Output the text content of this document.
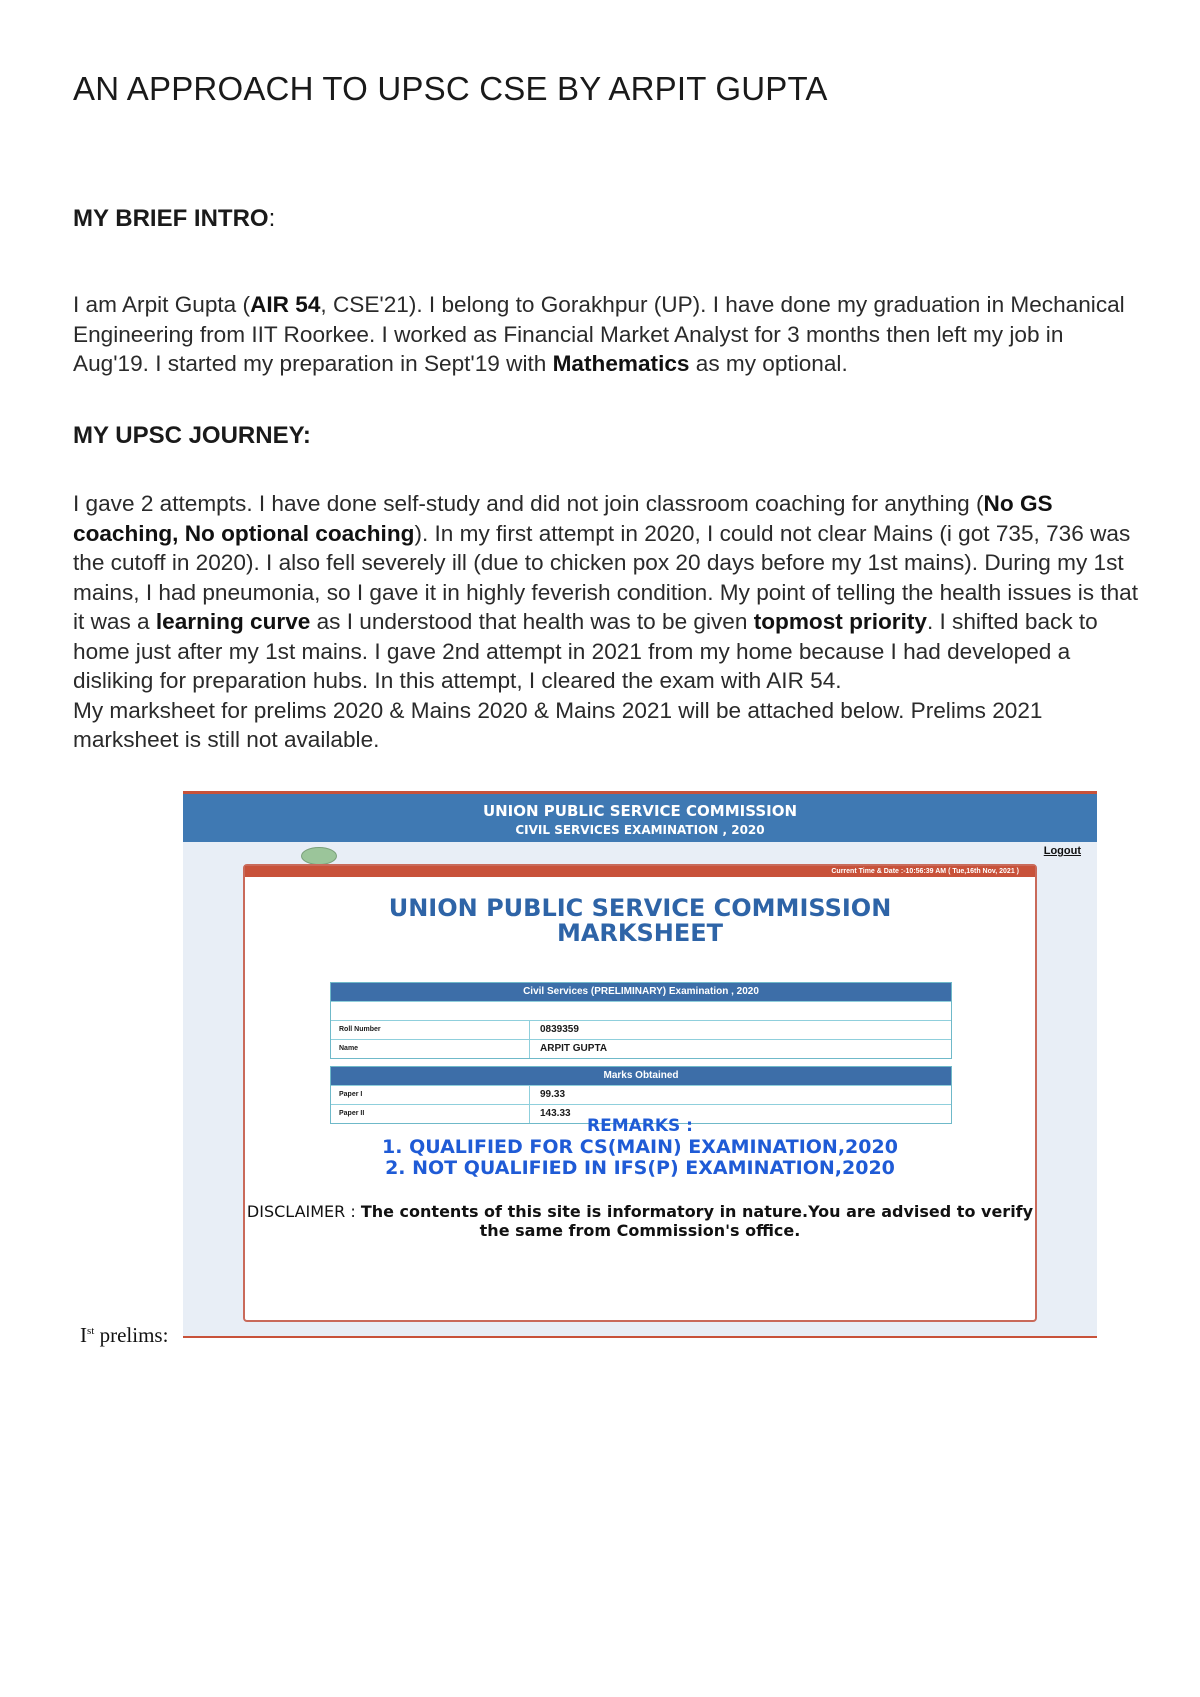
AN APPROACH TO UPSC CSE BY ARPIT GUPTA
MY BRIEF INTRO:

I am Arpit Gupta (AIR 54, CSE'21). I belong to Gorakhpur (UP). I have done my graduation in Mechanical Engineering from IIT Roorkee. I worked as Financial Market Analyst for 3 months then left my job in Aug'19. I started my preparation in Sept'19 with Mathematics as my optional.

MY UPSC JOURNEY:

I gave 2 attempts. I have done self-study and did not join classroom coaching for anything (No GS coaching, No optional coaching). In my first attempt in 2020, I could not clear Mains (i got 735, 736 was the cutoff in 2020). I also fell severely ill (due to chicken pox 20 days before my 1st mains). During my 1st mains, I had pneumonia, so I gave it in highly feverish condition. My point of telling the health issues is that it was a learning curve as I understood that health was to be given topmost priority. I shifted back to home just after my 1st mains. I gave 2nd attempt in 2021 from my home because I had developed a disliking for preparation hubs. In this attempt, I cleared the exam with AIR 54.
My marksheet for prelims 2020 & Mains 2020 & Mains 2021 will be attached below. Prelims 2021 marksheet is still not available.

UNION PUBLIC SERVICE COMMISSION
CIVIL SERVICES EXAMINATION , 2020
Logout
Current Time & Date :-10:56:39 AM ( Tue,16th Nov, 2021 )
UNION PUBLIC SERVICE COMMISSION
MARKSHEET
Civil Services (PRELIMINARY) Examination , 2020
Roll Number	0839359
Name	ARPIT GUPTA
Marks Obtained
Paper I	99.33
Paper II	143.33
REMARKS :
1. QUALIFIED FOR CS(MAIN) EXAMINATION,2020
2. NOT QUALIFIED IN IFS(P) EXAMINATION,2020
DISCLAIMER : The contents of this site is informatory in nature.You are advised to verify the same from Commission's office.
Ist prelims:
